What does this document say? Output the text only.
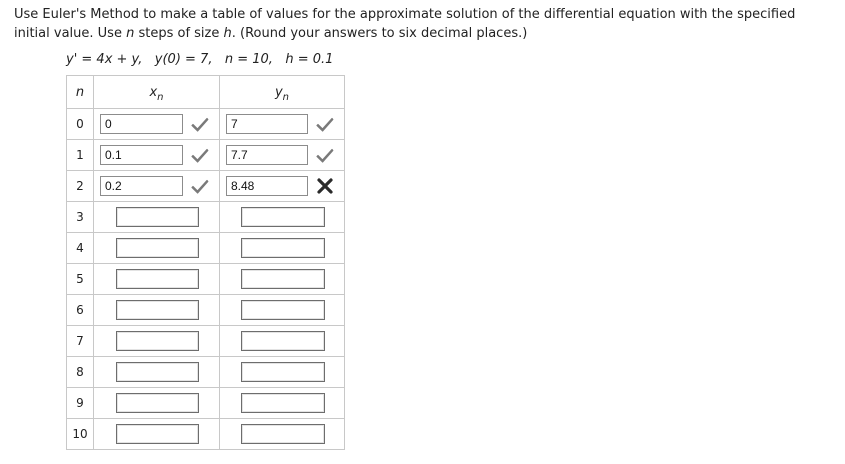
Use Euler's Method to make a table of values for the approximate solution of the differential equation with the specified
initial value. Use n steps of size h. (Round your answers to six decimal places.)
y' = 4x + y, y(0) = 7, n = 10, h = 0.1
n	$x_n$	$y_n$
0	0	7

1	0.1	7.7

2	0.2	8.48

3	

4	

5	

6	

7	

8	

9	

10	
